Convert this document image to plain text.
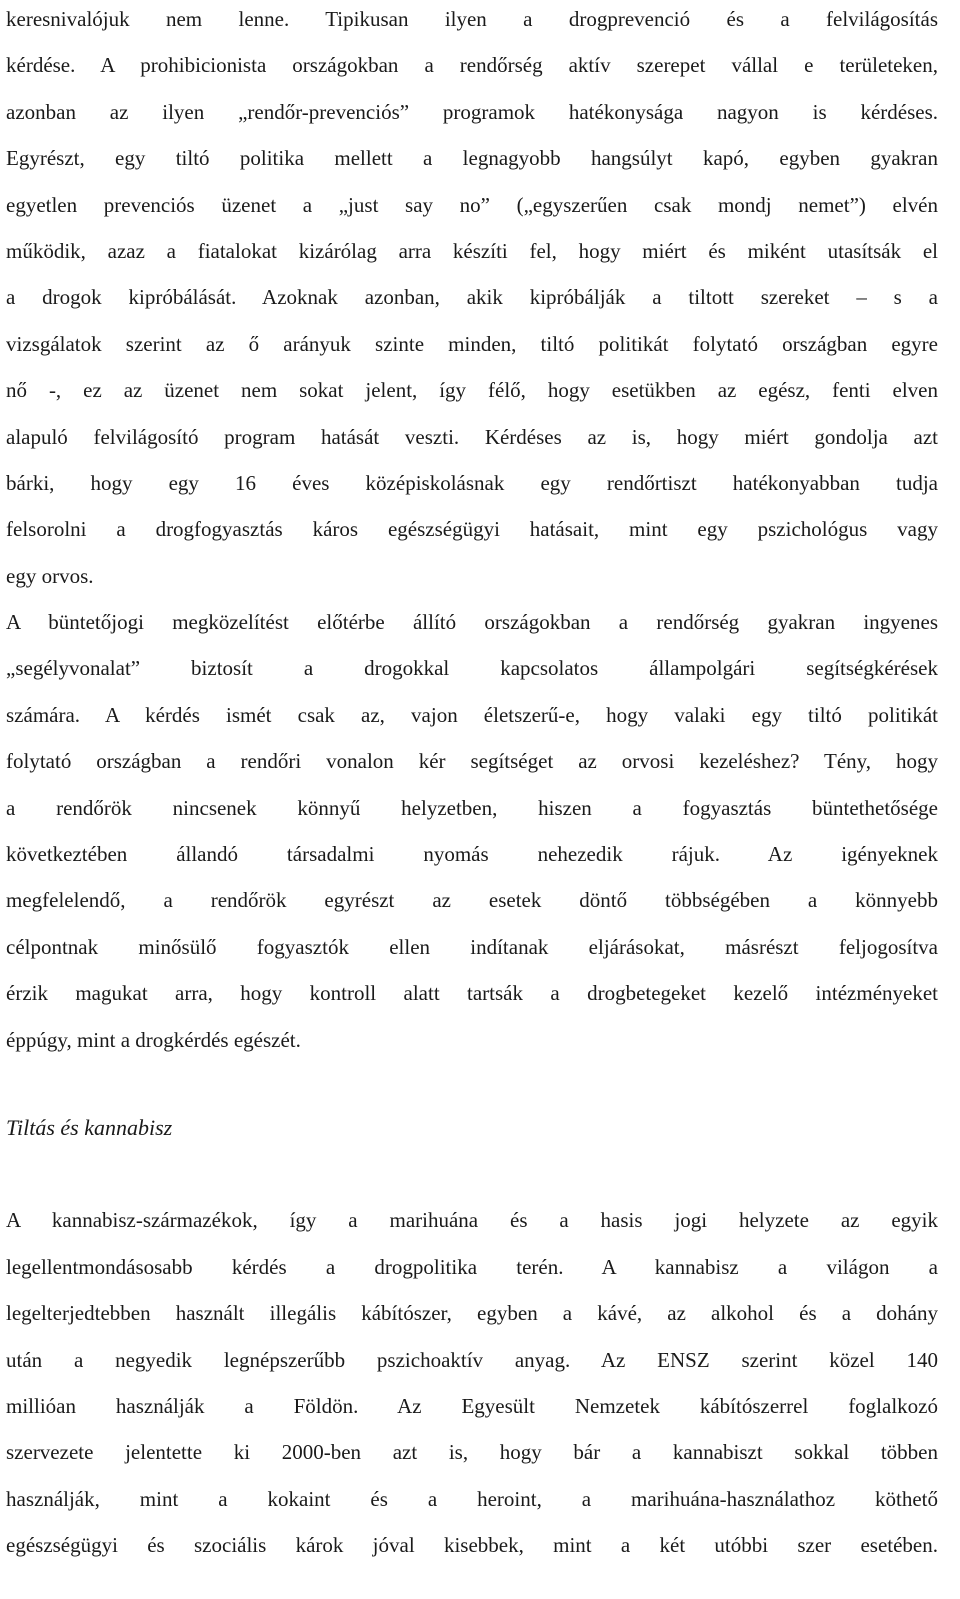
keresnivalójuk nem lenne. Tipikusan ilyen a drogprevenció és a felvilágosítás
kérdése. A prohibicionista országokban a rendőrség aktív szerepet vállal e területeken,
azonban az ilyen „rendőr-prevenciós” programok hatékonysága nagyon is kérdéses.
Egyrészt, egy tiltó politika mellett a legnagyobb hangsúlyt kapó, egyben gyakran
egyetlen prevenciós üzenet a „just say no” („egyszerűen csak mondj nemet”) elvén
működik, azaz a fiatalokat kizárólag arra készíti fel, hogy miért és miként utasítsák el
a drogok kipróbálását. Azoknak azonban, akik kipróbálják a tiltott szereket – s a
vizsgálatok szerint az ő arányuk szinte minden, tiltó politikát folytató országban egyre
nő -, ez az üzenet nem sokat jelent, így félő, hogy esetükben az egész, fenti elven
alapuló felvilágosító program hatását veszti. Kérdéses az is, hogy miért gondolja azt
bárki, hogy egy 16 éves középiskolásnak egy rendőrtiszt hatékonyabban tudja
felsorolni a drogfogyasztás káros egészségügyi hatásait, mint egy pszichológus vagy
egy orvos.
A büntetőjogi megközelítést előtérbe állító országokban a rendőrség gyakran ingyenes
„segélyvonalat” biztosít a drogokkal kapcsolatos állampolgári segítségkérések
számára. A kérdés ismét csak az, vajon életszerű-e, hogy valaki egy tiltó politikát
folytató országban a rendőri vonalon kér segítséget az orvosi kezeléshez? Tény, hogy
a rendőrök nincsenek könnyű helyzetben, hiszen a fogyasztás büntethetősége
következtében állandó társadalmi nyomás nehezedik rájuk. Az igényeknek
megfelelendő, a rendőrök egyrészt az esetek döntő többségében a könnyebb
célpontnak minősülő fogyasztók ellen indítanak eljárásokat, másrészt feljogosítva
érzik magukat arra, hogy kontroll alatt tartsák a drogbetegeket kezelő intézményeket
éppúgy, mint a drogkérdés egészét.
Tiltás és kannabisz
A kannabisz-származékok, így a marihuána és a hasis jogi helyzete az egyik
legellentmondásosabb kérdés a drogpolitika terén. A kannabisz a világon a
legelterjedtebben használt illegális kábítószer, egyben a kávé, az alkohol és a dohány
után a negyedik legnépszerűbb pszichoaktív anyag. Az ENSZ szerint közel 140
millióan használják a Földön. Az Egyesült Nemzetek kábítószerrel foglalkozó
szervezete jelentette ki 2000-ben azt is, hogy bár a kannabiszt sokkal többen
használják, mint a kokaint és a heroint, a marihuána-használathoz köthető
egészségügyi és szociális károk jóval kisebbek, mint a két utóbbi szer esetében.
